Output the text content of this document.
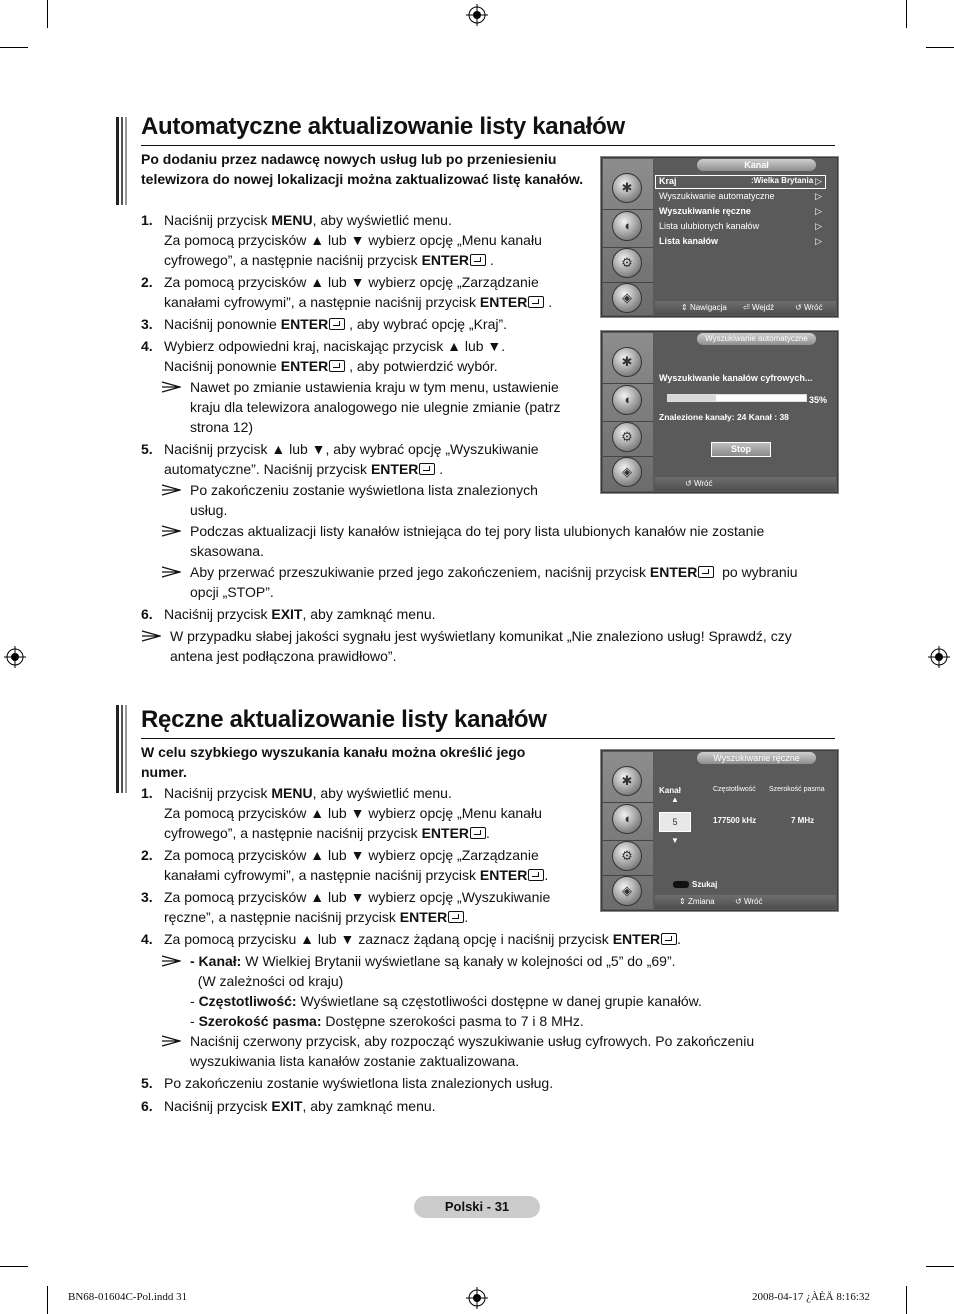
Automatyczne aktualizowanie listy kanałów
Po dodaniu przez nadawcę nowych usług lub po przeniesieniu telewizora do nowej lokalizacji można zaktualizować listę kanałów.
✱
◖
⚙
◈
Kanał
Kraj	:Wielka Brytania
Wyszukiwanie automatyczne
Wyszukiwanie ręczne
Lista ulubionych kanałów
Lista kanałów
▷
▷
▷
▷
▷
⇕ Nawigacja ⏎ Wejdź	↺ Wróć
✱
◖
⚙
◈
Wyszukiwanie automatyczne
Wyszukiwanie kanałów cyfrowych...
35%
Znalezione kanały: 24 Kanał : 38
Stop
↺ Wróć
Ręczne aktualizowanie listy kanałów
W celu szybkiego wyszukania kanału można określić jego numer.
✱
◖
⚙
◈
Wyszukiwanie ręczne
Kanał	Częstotliwość Szerokość pasma
▲
5
▼
177500 kHz	7 MHz
Szukaj
⇕ Zmiana	↺ Wróć
Polski - 31
BN68-01604C-Pol.indd 31	2008-04-17 ¿ÀÈÄ 8:16:32
1. Naciśnij przycisk MENU, aby wyświetlić menu.
Za pomocą przycisków ▲ lub ▼ wybierz opcję „Menu kanału
cyfrowego”, a następnie naciśnij przycisk ENTER .
2. Za pomocą przycisków ▲ lub ▼ wybierz opcję „Zarządzanie
kanałami cyfrowymi”, a następnie naciśnij przycisk ENTER .
3. Naciśnij ponownie ENTER , aby wybrać opcję „Kraj”.
4. Wybierz odpowiedni kraj, naciskając przycisk ▲ lub ▼.
Naciśnij ponownie ENTER , aby potwierdzić wybór.
5. Naciśnij przycisk ▲ lub ▼, aby wybrać opcję „Wyszukiwanie
automatyczne”. Naciśnij przycisk ENTER .
6. Naciśnij przycisk EXIT, aby zamknąć menu.
Nawet po zmianie ustawienia kraju w tym menu, ustawienie
kraju dla telewizora analogowego nie ulegnie zmianie (patrz
strona 12)
Po zakończeniu zostanie wyświetlona lista znalezionych
usług.
Podczas aktualizacji listy kanałów istniejąca do tej pory lista ulubionych kanałów nie zostanie
skasowana.
Aby przerwać przeszukiwanie przed jego zakończeniem, naciśnij przycisk ENTER  po wybraniu
opcji „STOP”.
W przypadku słabej jakości sygnału jest wyświetlany komunikat „Nie znaleziono usług! Sprawdź, czy
antena jest podłączona prawidłowo”.
1. Naciśnij przycisk MENU, aby wyświetlić menu.
Za pomocą przycisków ▲ lub ▼ wybierz opcję „Menu kanału
cyfrowego”, a następnie naciśnij przycisk ENTER .
2. Za pomocą przycisków ▲ lub ▼ wybierz opcję „Zarządzanie
kanałami cyfrowymi”, a następnie naciśnij przycisk ENTER .
3. Za pomocą przycisków ▲ lub ▼ wybierz opcję „Wyszukiwanie
ręczne”, a następnie naciśnij przycisk ENTER .
4. Za pomocą przycisku ▲ lub ▼ zaznacz żądaną opcję i naciśnij przycisk ENTER .
5. Po zakończeniu zostanie wyświetlona lista znalezionych usług.
6. Naciśnij przycisk EXIT, aby zamknąć menu.
- Kanał: W Wielkiej Brytanii wyświetlane są kanały w kolejności od „5” do „69”.
(W zależności od kraju)
- Częstotliwość: Wyświetlane są częstotliwości dostępne w danej grupie kanałów.
- Szerokość pasma: Dostępne szerokości pasma to 7 i 8 MHz.
Naciśnij czerwony przycisk, aby rozpocząć wyszukiwanie usług cyfrowych. Po zakończeniu
wyszukiwania lista kanałów zostanie zaktualizowana.
